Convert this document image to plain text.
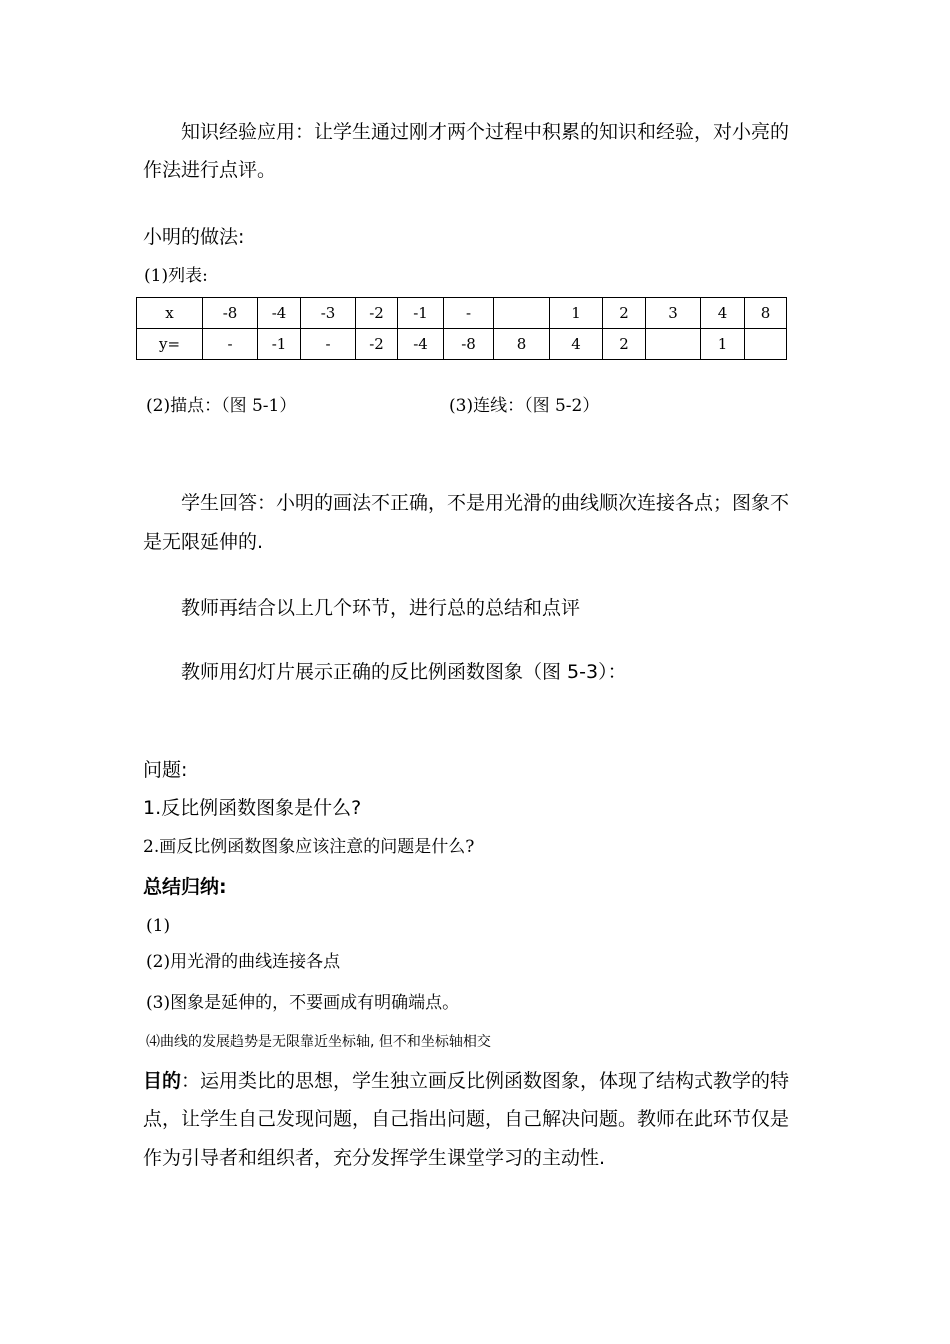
知识经验应用：让学生通过刚才两个过程中积累的知识和经验，对小亮的
作法进行点评。
小明的做法:
(1)列表:
x	-8	-4	-3	-2	-1	-		1	2	3	4	8
y=	-	-1	-	-2	-4	-8	8	4	2		1	
(2)描点：（图 5-1）	(3)连线：（图 5-2）
学生回答：小明的画法不正确，不是用光滑的曲线顺次连接各点；图象不
是无限延伸的.
教师再结合以上几个环节，进行总的总结和点评
教师用幻灯片展示正确的反比例函数图象（图 5-3）：
问题:
1.反比例函数图象是什么?
2.画反比例函数图象应该注意的问题是什么?
总结归纳:
(1)
(2)用光滑的曲线连接各点
(3)图象是延伸的，不要画成有明确端点。
⑷曲线的发展趋势是无限靠近坐标轴, 但不和坐标轴相交
目的：运用类比的思想，学生独立画反比例函数图象，体现了结构式教学的特
点，让学生自己发现问题，自己指出问题，自己解决问题。教师在此环节仅是
作为引导者和组织者，充分发挥学生课堂学习的主动性.
